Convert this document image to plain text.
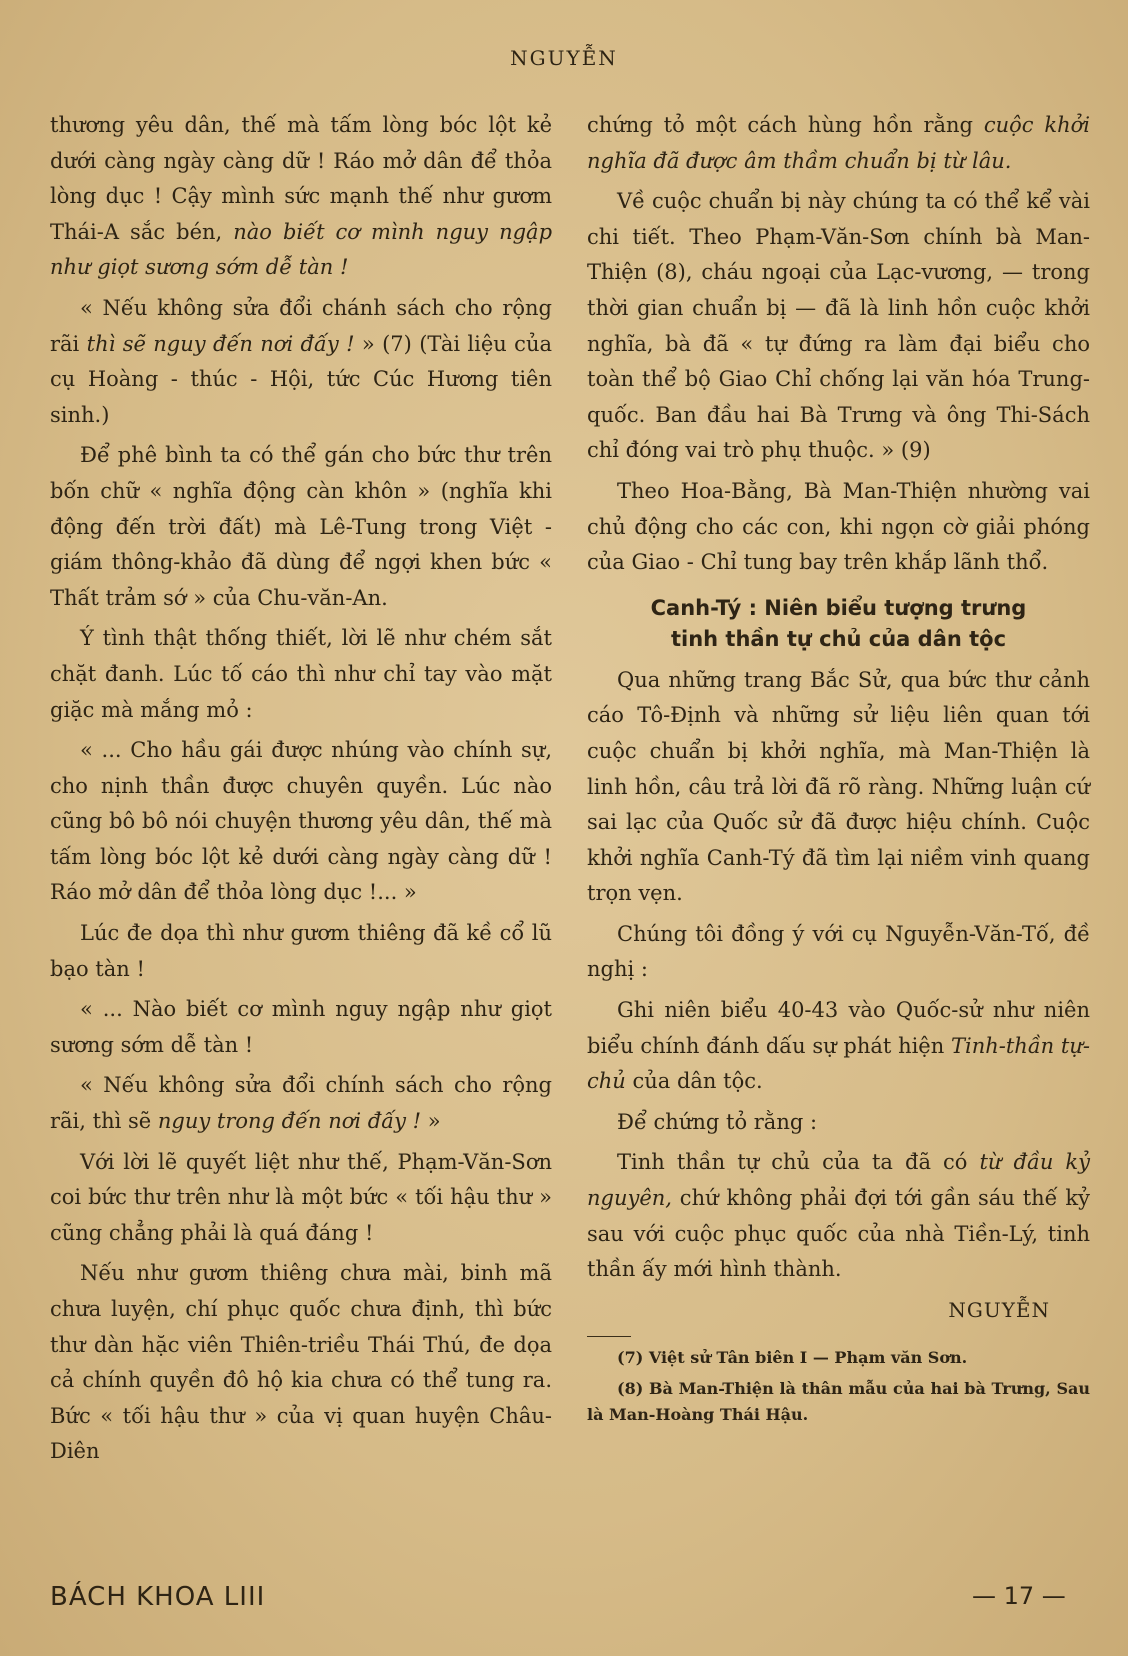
NGUYỄN

thương yêu dân, thế mà tấm lòng bóc lột kẻ dưới càng ngày càng dữ ! Ráo mở dân để thỏa lòng dục ! Cậy mình sức mạnh thế như gươm Thái-A sắc bén, nào biết cơ mình nguy ngập như giọt sương sớm dễ tàn !

« Nếu không sửa đổi chánh sách cho rộng rãi thì sẽ nguy đến nơi đấy ! » (7) (Tài liệu của cụ Hoàng - thúc - Hội, tức Cúc Hương tiên sinh.)

Để phê bình ta có thể gán cho bức thư trên bốn chữ « nghĩa động càn khôn » (nghĩa khi động đến trời đất) mà Lê-Tung trong Việt - giám thông-khảo đã dùng để ngợi khen bức « Thất trảm sớ » của Chu-văn-An.

Ý tình thật thống thiết, lời lẽ như chém sắt chặt đanh. Lúc tố cáo thì như chỉ tay vào mặt giặc mà mắng mỏ :

« ... Cho hầu gái được nhúng vào chính sự, cho nịnh thần được chuyên quyền. Lúc nào cũng bô bô nói chuyện thương yêu dân, thế mà tấm lòng bóc lột kẻ dưới càng ngày càng dữ ! Ráo mở dân để thỏa lòng dục !... »

Lúc đe dọa thì như gươm thiêng đã kề cổ lũ bạo tàn !

« ... Nào biết cơ mình nguy ngập như giọt sương sớm dễ tàn !

« Nếu không sửa đổi chính sách cho rộng rãi, thì sẽ nguy trong đến nơi đấy ! »

Với lời lẽ quyết liệt như thế, Phạm-Văn-Sơn coi bức thư trên như là một bức « tối hậu thư » cũng chẳng phải là quá đáng !

Nếu như gươm thiêng chưa mài, binh mã chưa luyện, chí phục quốc chưa định, thì bức thư dàn hặc viên Thiên-triều Thái Thú, đe dọa cả chính quyền đô hộ kia chưa có thể tung ra. Bức « tối hậu thư » của vị quan huyện Châu-Diên

chứng tỏ một cách hùng hồn rằng cuộc khởi nghĩa đã được âm thầm chuẩn bị từ lâu.

Về cuộc chuẩn bị này chúng ta có thể kể vài chi tiết. Theo Phạm-Văn-Sơn chính bà Man-Thiện (8), cháu ngoại của Lạc-vương, — trong thời gian chuẩn bị — đã là linh hồn cuộc khởi nghĩa, bà đã « tự đứng ra làm đại biểu cho toàn thể bộ Giao Chỉ chống lại văn hóa Trung-quốc. Ban đầu hai Bà Trưng và ông Thi-Sách chỉ đóng vai trò phụ thuộc. » (9)

Theo Hoa-Bằng, Bà Man-Thiện nhường vai chủ động cho các con, khi ngọn cờ giải phóng của Giao - Chỉ tung bay trên khắp lãnh thổ.

Canh-Tý : Niên biểu tượng trưng
tinh thần tự chủ của dân tộc

Qua những trang Bắc Sử, qua bức thư cảnh cáo Tô-Định và những sử liệu liên quan tới cuộc chuẩn bị khởi nghĩa, mà Man-Thiện là linh hồn, câu trả lời đã rõ ràng. Những luận cứ sai lạc của Quốc sử đã được hiệu chính. Cuộc khởi nghĩa Canh-Tý đã tìm lại niềm vinh quang trọn vẹn.

Chúng tôi đồng ý với cụ Nguyễn-Văn-Tố, đề nghị :

Ghi niên biểu 40-43 vào Quốc-sử như niên biểu chính đánh dấu sự phát hiện Tinh-thần tự-chủ của dân tộc.

Để chứng tỏ rằng :

Tinh thần tự chủ của ta đã có từ đầu kỷ nguyên, chứ không phải đợi tới gần sáu thế kỷ sau với cuộc phục quốc của nhà Tiền-Lý, tinh thần ấy mới hình thành.

NGUYỄN

(7) Việt sử Tân biên I — Phạm văn Sơn.

(8) Bà Man-Thiện là thân mẫu của hai bà Trưng, Sau là Man-Hoàng Thái Hậu.

BÁCH KHOA LIII	— 17 —
